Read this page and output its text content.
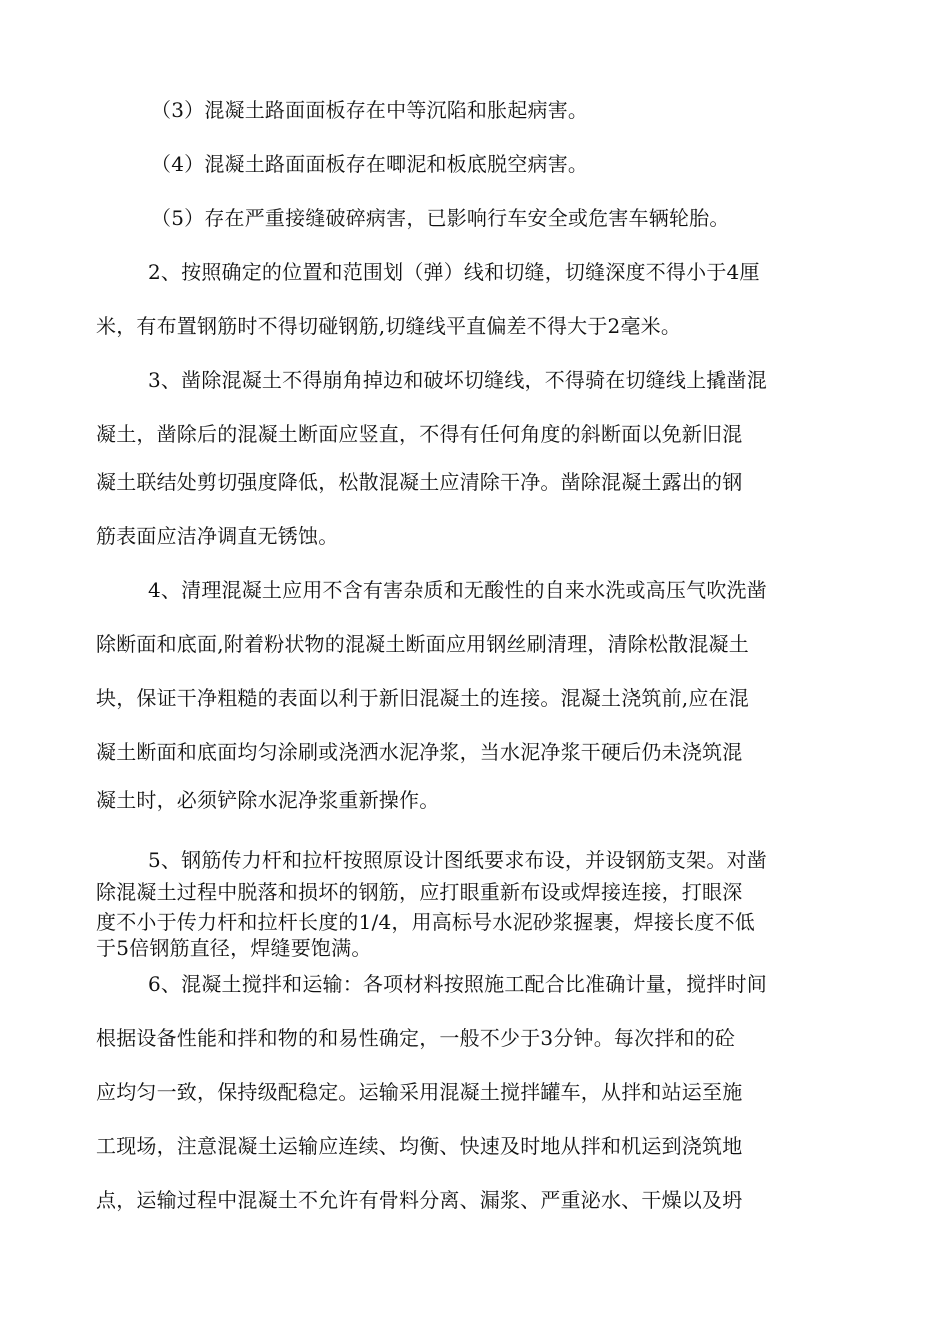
（3）混凝土路面面板存在中等沉陷和胀起病害。
（4）混凝土路面面板存在唧泥和板底脱空病害。
（5）存在严重接缝破碎病害，已影响行车安全或危害车辆轮胎。
2、按照确定的位置和范围划（弹）线和切缝，切缝深度不得小于4厘
米，有布置钢筋时不得切碰钢筋,切缝线平直偏差不得大于2毫米。
3、凿除混凝土不得崩角掉边和破坏切缝线，不得骑在切缝线上撬凿混
凝土，凿除后的混凝土断面应竖直，不得有任何角度的斜断面以免新旧混
凝土联结处剪切强度降低，松散混凝土应清除干净。凿除混凝土露出的钢
筋表面应洁净调直无锈蚀。
4、清理混凝土应用不含有害杂质和无酸性的自来水洗或高压气吹洗凿
除断面和底面,附着粉状物的混凝土断面应用钢丝刷清理，清除松散混凝土
块，保证干净粗糙的表面以利于新旧混凝土的连接。混凝土浇筑前,应在混
凝土断面和底面均匀涂刷或浇洒水泥净浆，当水泥净浆干硬后仍未浇筑混
凝土时，必须铲除水泥净浆重新操作。
5、钢筋传力杆和拉杆按照原设计图纸要求布设，并设钢筋支架。对凿
除混凝土过程中脱落和损坏的钢筋，应打眼重新布设或焊接连接，打眼深
度不小于传力杆和拉杆长度的1/4，用高标号水泥砂浆握裹，焊接长度不低
于5倍钢筋直径，焊缝要饱满。
6、混凝土搅拌和运输：各项材料按照施工配合比准确计量，搅拌时间
根据设备性能和拌和物的和易性确定，一般不少于3分钟。每次拌和的砼
应均匀一致，保持级配稳定。运输采用混凝土搅拌罐车，从拌和站运至施
工现场，注意混凝土运输应连续、均衡、快速及时地从拌和机运到浇筑地
点，运输过程中混凝土不允许有骨料分离、漏浆、严重泌水、干燥以及坍
